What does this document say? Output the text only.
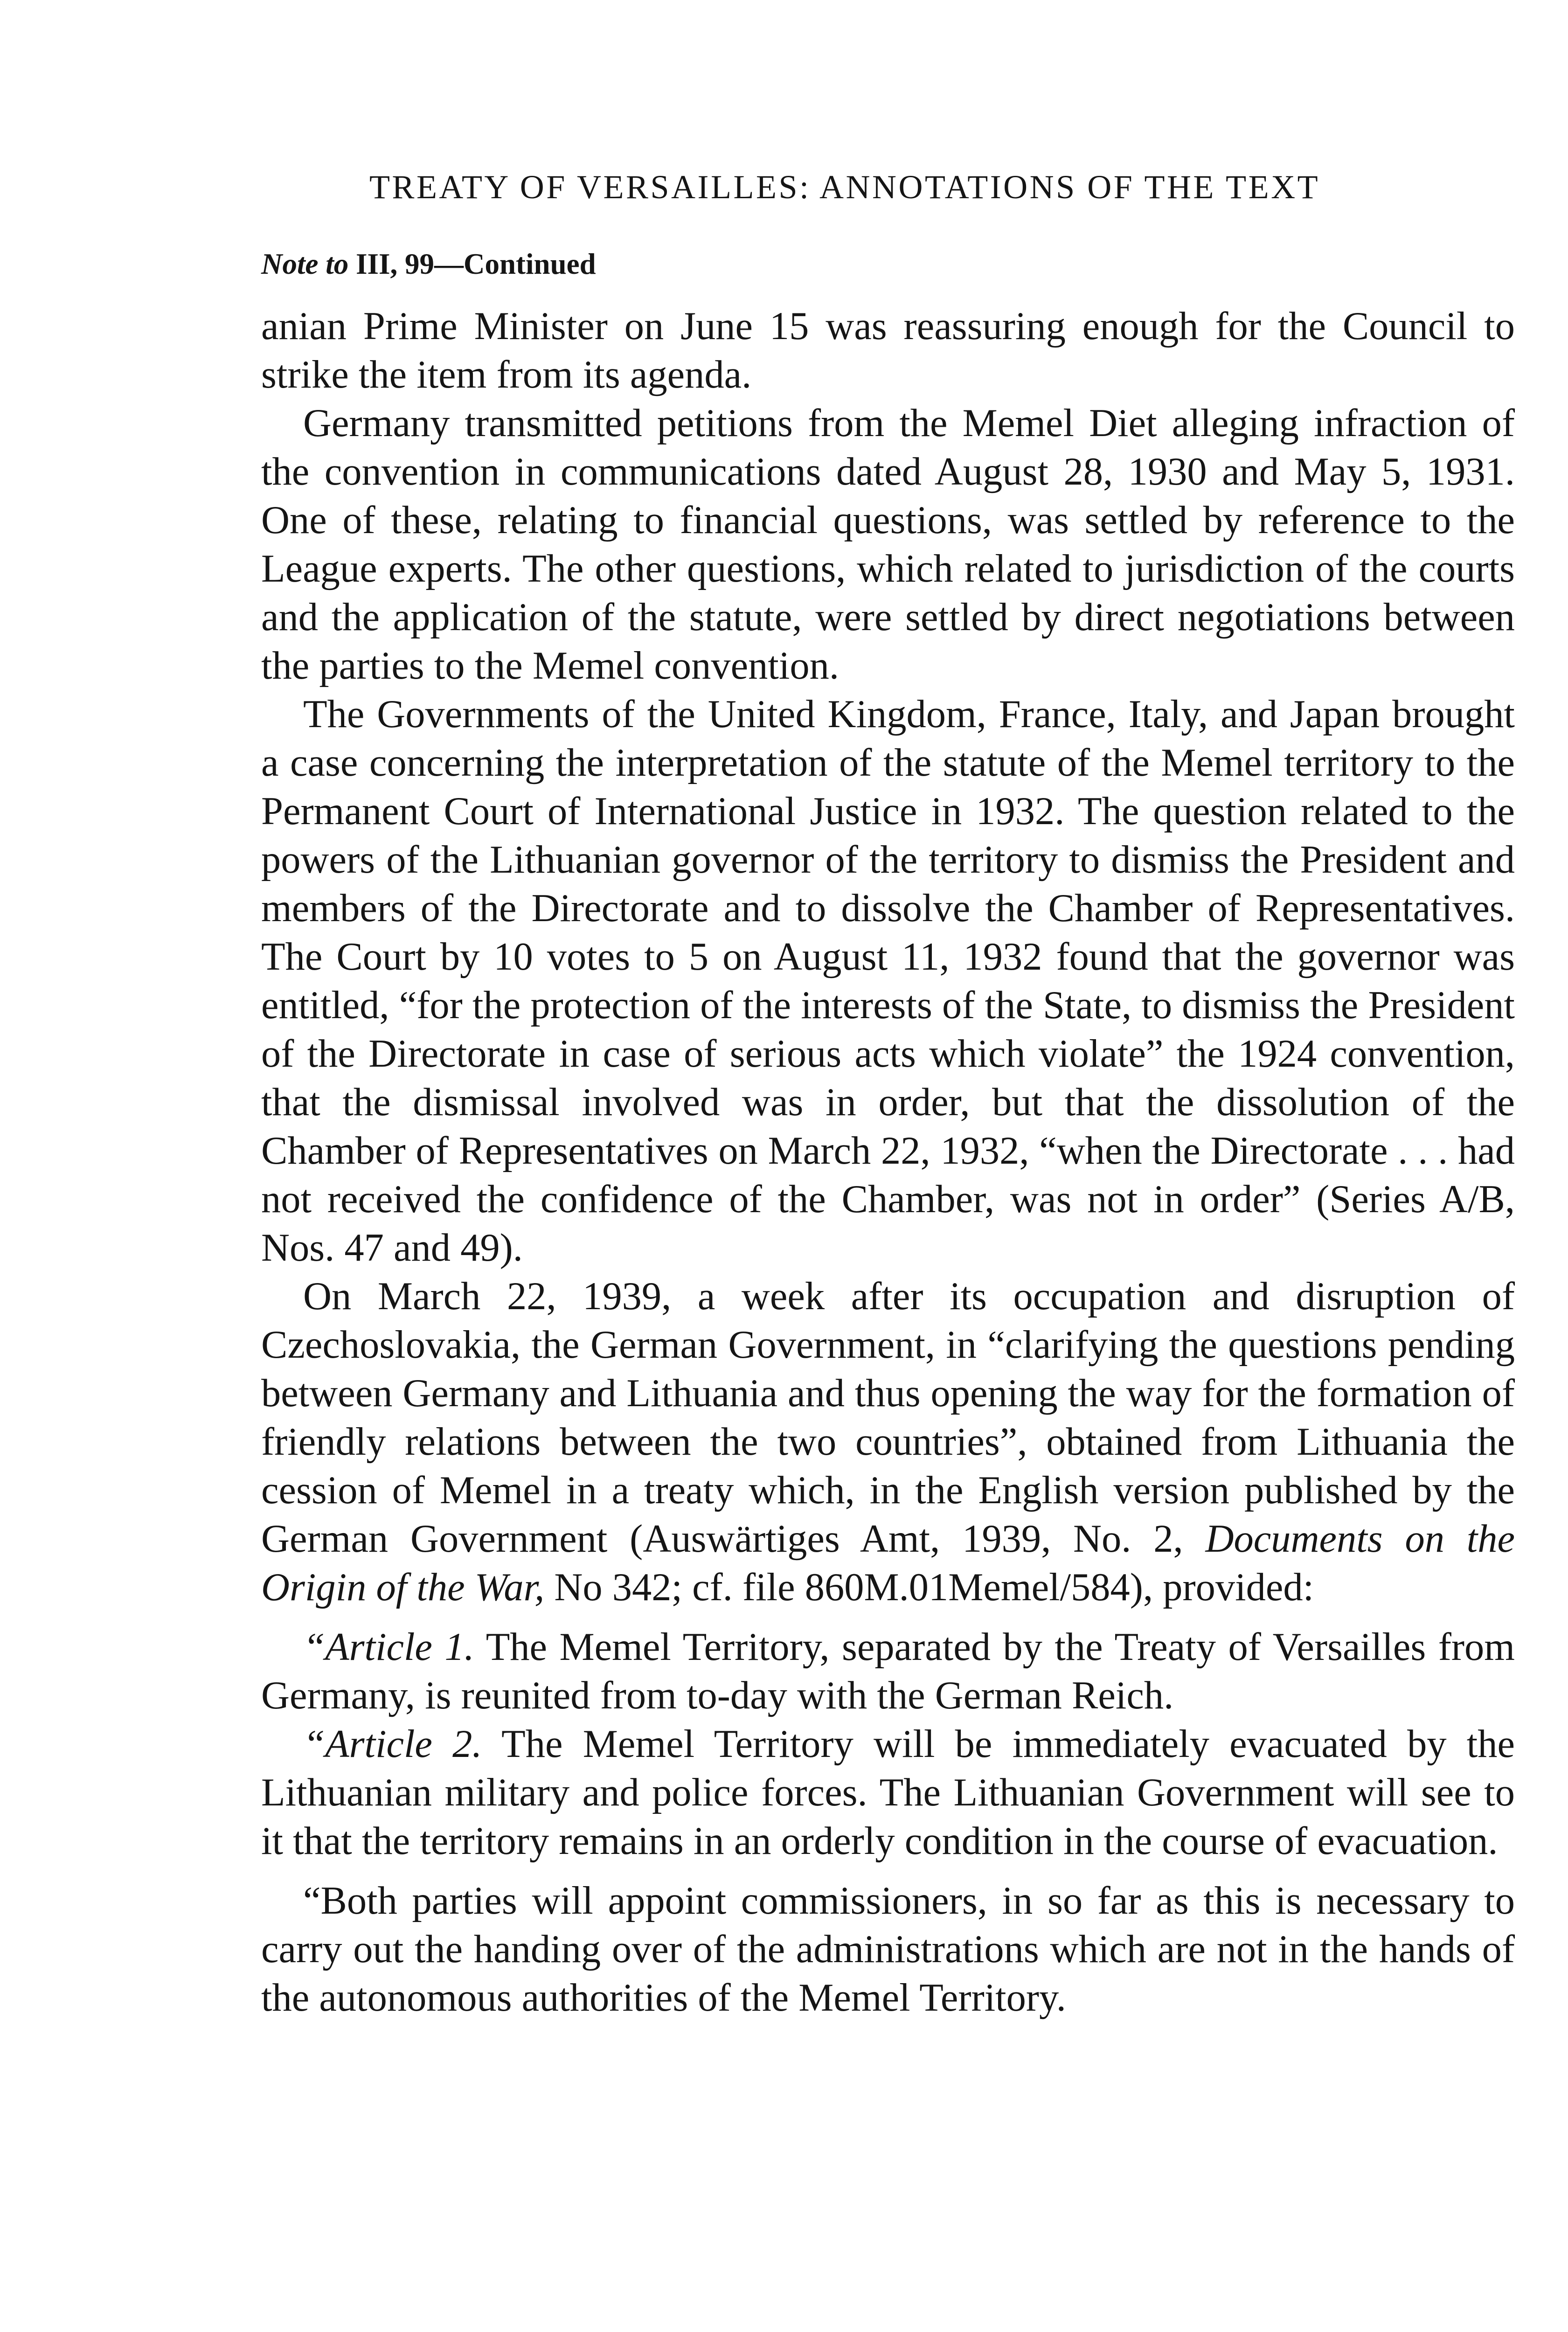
TREATY OF VERSAILLES: ANNOTATIONS OF THE TEXT
Note to III, 99—Continued

anian Prime Minister on June 15 was reassuring enough for the Council to strike the item from its agenda.

Germany transmitted petitions from the Memel Diet alleging infraction of the convention in communications dated August 28, 1930 and May 5, 1931. One of these, relating to financial questions, was settled by reference to the League experts. The other questions, which related to jurisdiction of the courts and the application of the statute, were settled by direct negotiations between the parties to the Memel convention.

The Governments of the United Kingdom, France, Italy, and Japan brought a case concerning the interpretation of the statute of the Memel territory to the Permanent Court of International Justice in 1932. The question related to the powers of the Lithuanian governor of the territory to dismiss the President and members of the Directorate and to dissolve the Chamber of Representatives. The Court by 10 votes to 5 on August 11, 1932 found that the governor was entitled, “for the protection of the interests of the State, to dismiss the President of the Directorate in case of serious acts which violate” the 1924 convention, that the dismissal involved was in order, but that the dissolution of the Chamber of Representatives on March 22, 1932, “when the Directorate . . . had not received the confidence of the Chamber, was not in order” (Series A/B, Nos. 47 and 49).

On March 22, 1939, a week after its occupation and disruption of Czechoslovakia, the German Government, in “clarifying the questions pending between Germany and Lithuania and thus opening the way for the formation of friendly relations between the two countries”, obtained from Lithuania the cession of Memel in a treaty which, in the English version published by the German Government (Auswärtiges Amt, 1939, No. 2, Documents on the Origin of the War, No 342; cf. file 860M.01Memel/584), provided:

“Article 1. The Memel Territory, separated by the Treaty of Versailles from Germany, is reunited from to-day with the German Reich.

“Article 2. The Memel Territory will be immediately evacuated by the Lithuanian military and police forces. The Lithuanian Government will see to it that the territory remains in an orderly condition in the course of evacuation.

“Both parties will appoint commissioners, in so far as this is necessary to carry out the handing over of the administrations which are not in the hands of the autonomous authorities of the Memel Territory.
